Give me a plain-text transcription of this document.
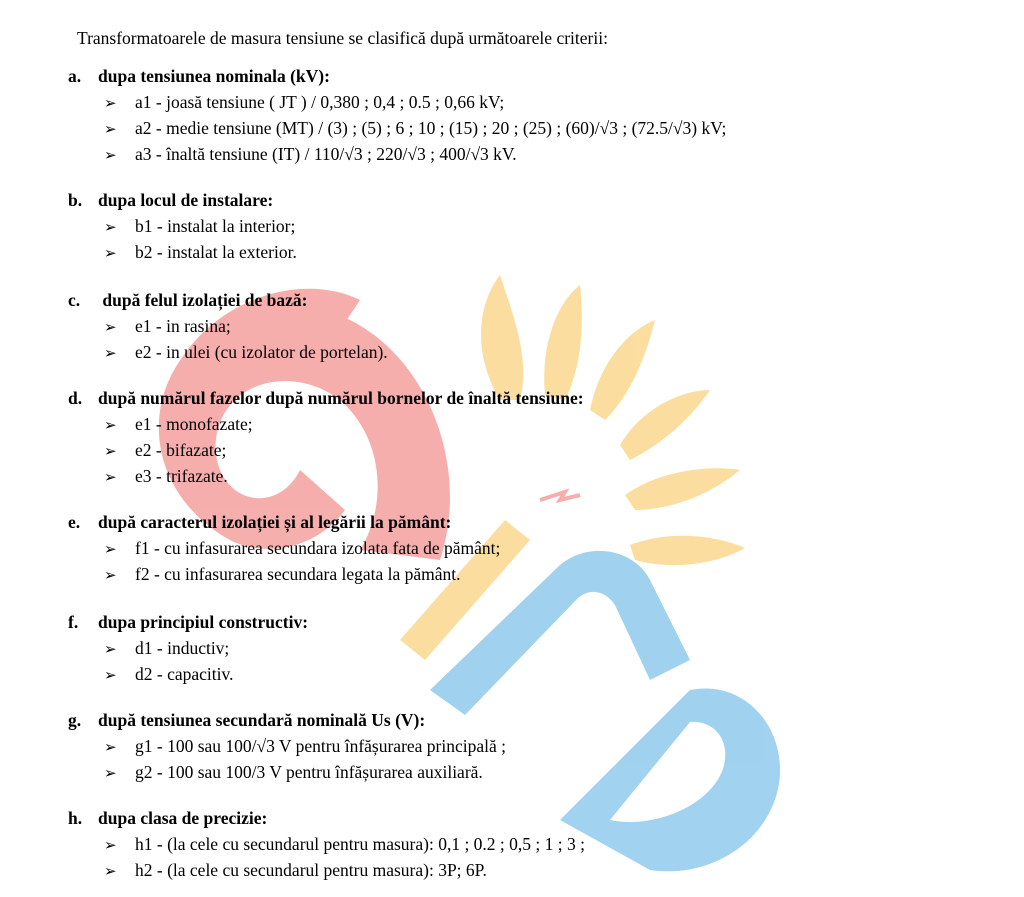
Transformatoarele de masura tensiune se clasifică după următoarele criterii:
a. dupa tensiunea nominala (kV):
➢ a1 - joasă tensiune ( JT ) / 0,380 ; 0,4 ; 0.5 ; 0,66 kV;
➢ a2 - medie tensiune (MT) / (3) ; (5) ; 6 ; 10 ; (15) ; 20 ; (25) ; (60)/√3 ; (72.5/√3) kV;
➢ a3 - înaltă tensiune (IT) / 110/√3 ; 220/√3 ; 400/√3 kV.
b. dupa locul de instalare:
➢ b1 - instalat la interior;
➢ b2 - instalat la exterior.
c. după felul izolației de bază:
➢ e1 - in rasina;
➢ e2 - in ulei (cu izolator de portelan).
d. după numărul fazelor după numărul bornelor de înaltă tensiune:
➢ e1 - monofazate;
➢ e2 - bifazate;
➢ e3 - trifazate.
e. după caracterul izolației și al legării la pământ:
➢ f1 - cu infasurarea secundara izolata fata de pământ;
➢ f2 - cu infasurarea secundara legata la pământ.
f. dupa principiul constructiv:
➢ d1 - inductiv;
➢ d2 - capacitiv.
g. după tensiunea secundară nominală Us (V):
➢ g1 - 100 sau 100/√3 V pentru înfășurarea principală ;
➢ g2 - 100 sau 100/3 V pentru înfășurarea auxiliară.
h. dupa clasa de precizie:
➢ h1 - (la cele cu secundarul pentru masura): 0,1 ; 0.2 ; 0,5 ; 1 ; 3 ;
➢ h2 - (la cele cu secundarul pentru masura): 3P; 6P.
